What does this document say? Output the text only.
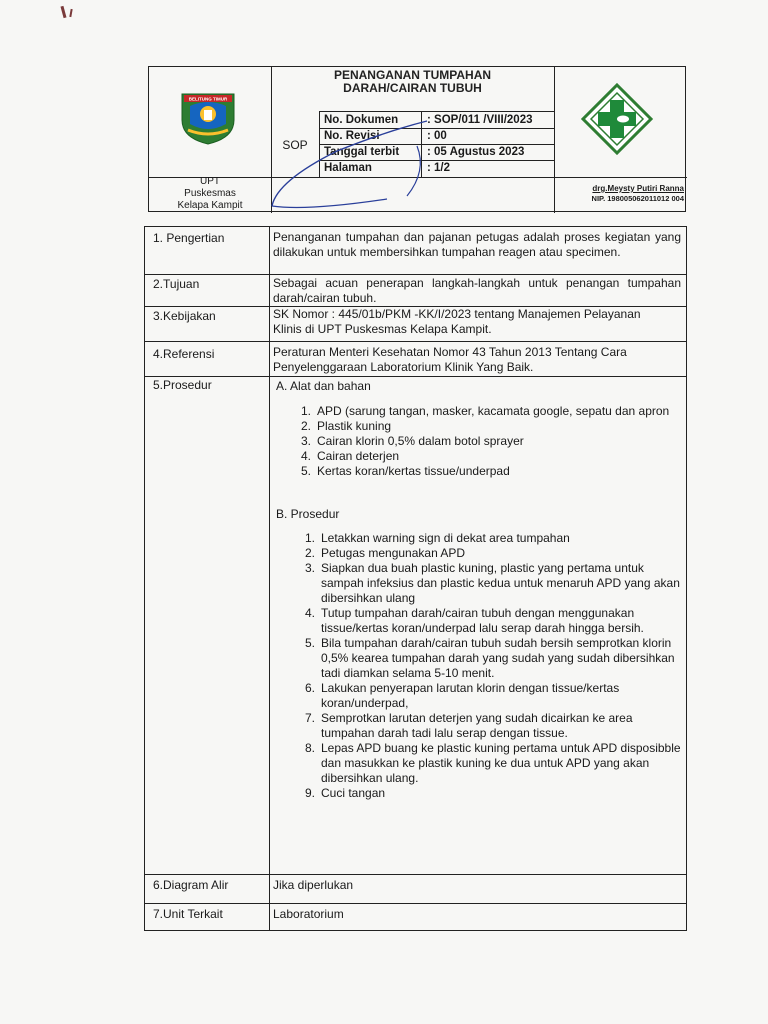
BELITUNG TIMUR
UPT
Puskesmas
Kelapa Kampit
PENANGANAN TUMPAHAN
DARAH/CAIRAN TUBUH
SOP
No. Dokumen	: SOP/011 /VIII/2023
No. Revisi	: 00
Tanggal terbit : 05 Agustus 2023
Halaman	: 1/2
drg.Meysty Putiri Ranna
NIP. 198005062011012 004
1. Pengertian	Penanganan tumpahan dan pajanan petugas adalah proses kegiatan yang dilakukan untuk membersihkan tumpahan reagen atau specimen.
2.Tujuan	Sebagai acuan penerapan langkah-langkah untuk penangan tumpahan darah/cairan tubuh.
3.Kebijakan	SK Nomor : 445/01b/PKM -KK/I/2023 tentang Manajemen Pelayanan Klinis di UPT Puskesmas Kelapa Kampit.
4.Referensi	Peraturan Menteri Kesehatan Nomor 43 Tahun 2013 Tentang Cara Penyelenggaraan Laboratorium Klinik Yang Baik.
5.Prosedur	A. Alat dan bahan
1. APD (sarung tangan, masker, kacamata google, sepatu dan apron
2. Plastik kuning
3. Cairan klorin 0,5% dalam botol sprayer
4. Cairan deterjen
5. Kertas koran/kertas tissue/underpad
B. Prosedur
1. Letakkan warning sign di dekat area tumpahan
2. Petugas mengunakan APD
3. Siapkan dua buah plastic kuning, plastic yang pertama untuk sampah infeksius dan plastic kedua untuk menaruh APD yang akan dibersihkan ulang
4. Tutup tumpahan darah/cairan tubuh dengan menggunakan tissue/kertas koran/underpad lalu serap darah hingga bersih.
5. Bila tumpahan darah/cairan tubuh sudah bersih semprotkan klorin 0,5% kearea tumpahan darah yang sudah yang sudah dibersihkan tadi diamkan selama 5-10 menit.
6. Lakukan penyerapan larutan klorin dengan tissue/kertas koran/underpad,
7. Semprotkan larutan deterjen yang sudah dicairkan ke area tumpahan darah tadi lalu serap dengan tissue.
8. Lepas APD buang ke plastic kuning pertama untuk APD disposibble dan masukkan ke plastik kuning ke dua untuk APD yang akan dibersihkan ulang.
9. Cuci tangan
6.Diagram Alir	Jika diperlukan
7.Unit Terkait	Laboratorium
